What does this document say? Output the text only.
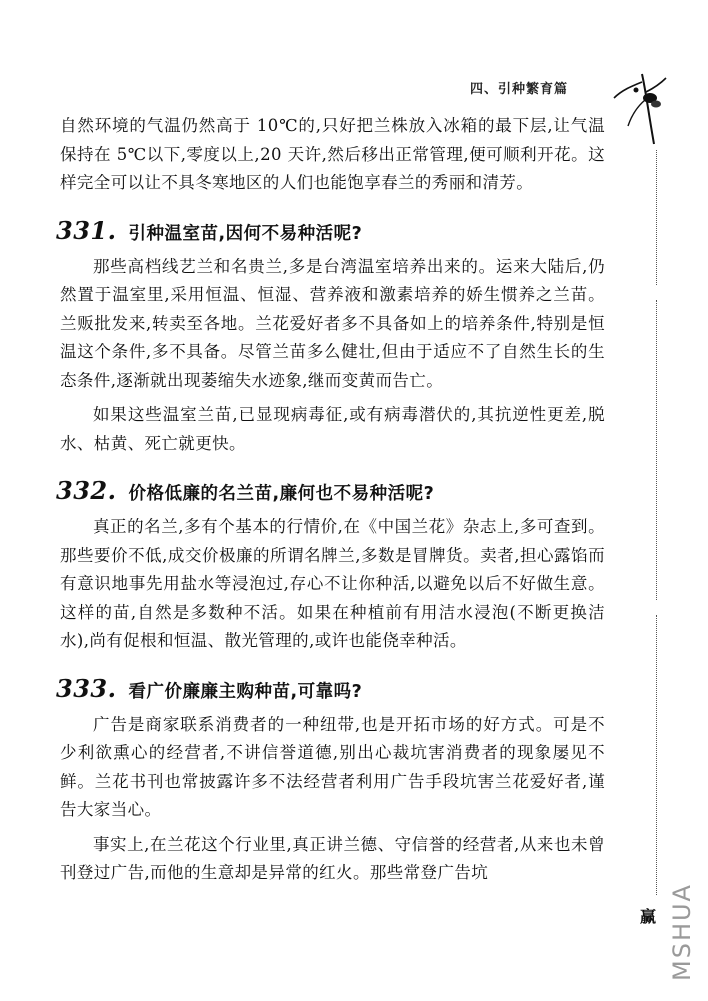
四、引种繁育篇

自然环境的气温仍然高于 10℃的,只好把兰株放入冰箱的最下层,让气温保持在 5℃以下,零度以上,20 天许,然后移出正常管理,便可顺利开花。这样完全可以让不具冬寒地区的人们也能饱享春兰的秀丽和清芳。

331. 引种温室苗,因何不易种活呢?

那些高档线艺兰和名贵兰,多是台湾温室培养出来的。运来大陆后,仍然置于温室里,采用恒温、恒湿、营养液和激素培养的娇生惯养之兰苗。兰贩批发来,转卖至各地。兰花爱好者多不具备如上的培养条件,特别是恒温这个条件,多不具备。尽管兰苗多么健壮,但由于适应不了自然生长的生态条件,逐渐就出现萎缩失水迹象,继而变黄而告亡。

如果这些温室兰苗,已显现病毒征,或有病毒潜伏的,其抗逆性更差,脱水、枯黄、死亡就更快。

332. 价格低廉的名兰苗,廉何也不易种活呢?

真正的名兰,多有个基本的行情价,在《中国兰花》杂志上,多可查到。那些要价不低,成交价极廉的所谓名牌兰,多数是冒牌货。卖者,担心露馅而有意识地事先用盐水等浸泡过,存心不让你种活,以避免以后不好做生意。这样的苗,自然是多数种不活。如果在种植前有用洁水浸泡(不断更换洁水),尚有促根和恒温、散光管理的,或许也能侥幸种活。

333. 看广价廉廉主购种苗,可靠吗?

广告是商家联系消费者的一种纽带,也是开拓市场的好方式。可是不少利欲熏心的经营者,不讲信誉道德,别出心裁坑害消费者的现象屡见不鲜。兰花书刊也常披露许多不法经营者利用广告手段坑害兰花爱好者,谨告大家当心。

事实上,在兰花这个行业里,真正讲兰德、守信誉的经营者,从来也未曾刊登过广告,而他的生意却是异常的红火。那些常登广告坑

赢 MSHUA
